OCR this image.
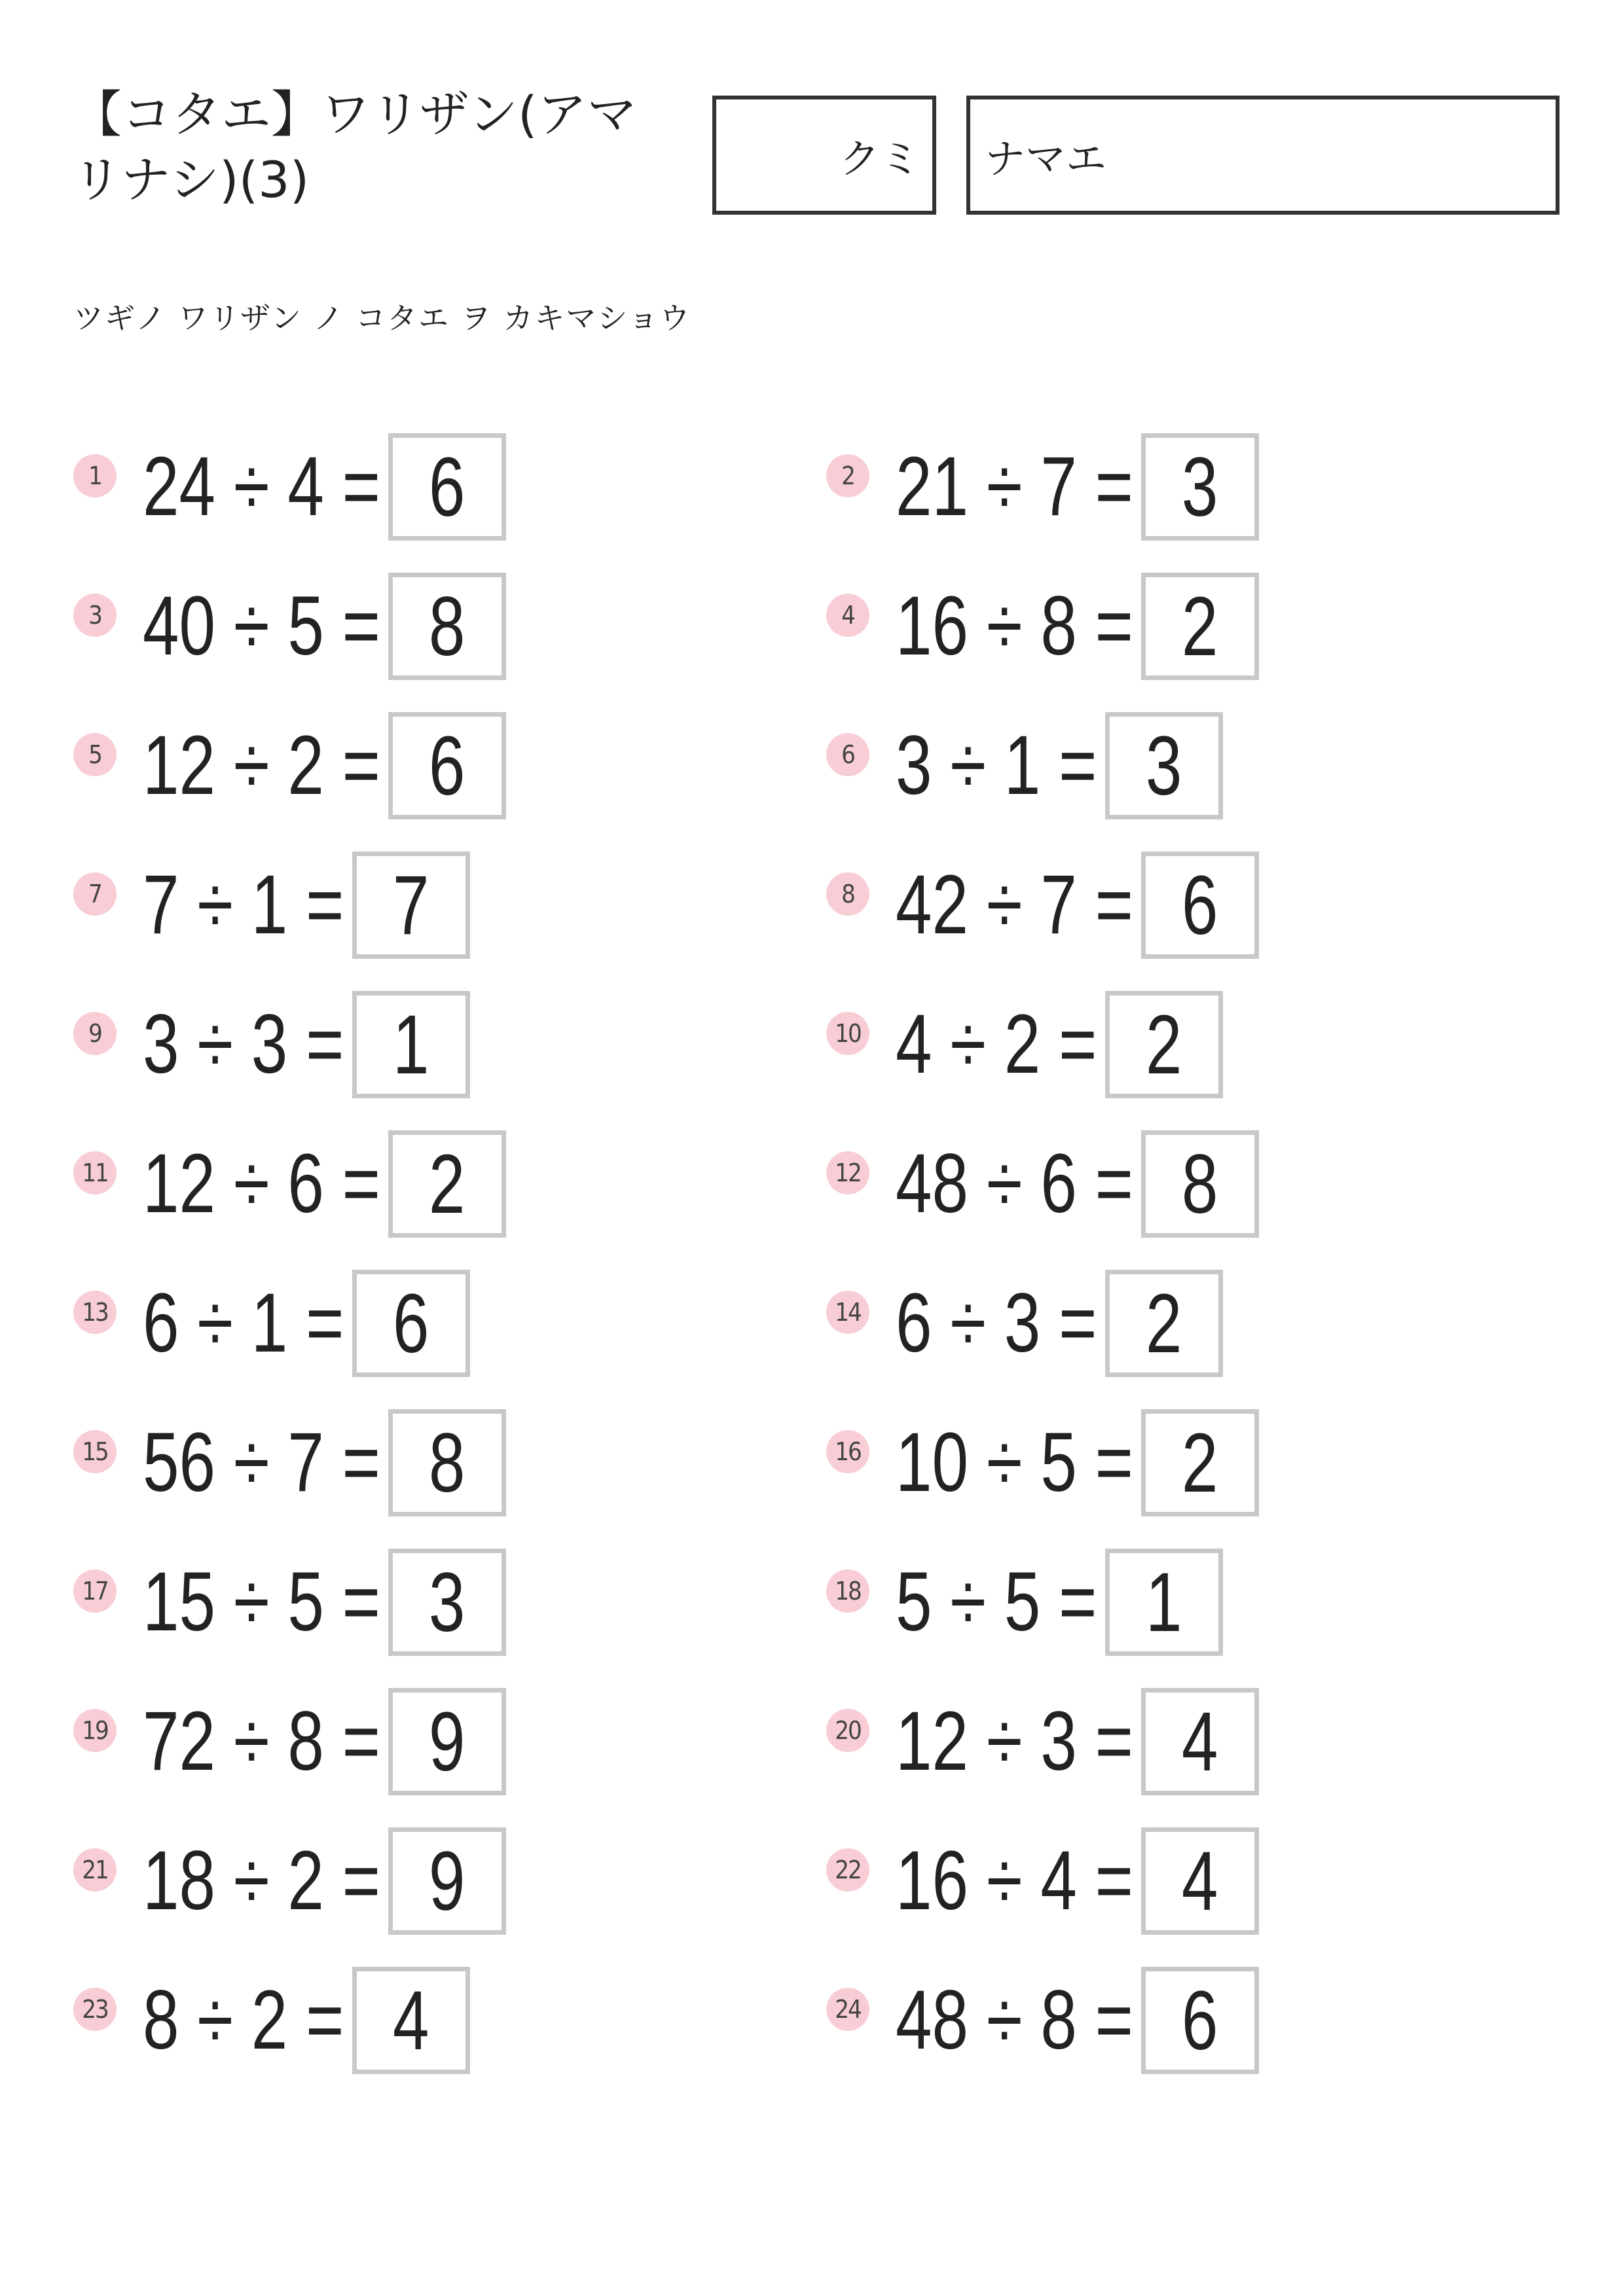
【コタエ】ワリザン(アマリナシ)(3)	クミ ナマエ
ツギノ ワリザン ノ コタエ ヲ カキマショウ
1 24 ÷ 4 = 6	2 21 ÷ 7 = 3
3 40 ÷ 5 = 8	4 16 ÷ 8 = 2
5 12 ÷ 2 = 6	6 3 ÷ 1 = 3
7 7 ÷ 1 = 7	8 42 ÷ 7 = 6
9 3 ÷ 3 = 1	10 4 ÷ 2 = 2
11 12 ÷ 6 = 2	12 48 ÷ 6 = 8
13 6 ÷ 1 = 6	14 6 ÷ 3 = 2
15 56 ÷ 7 = 8	16 10 ÷ 5 = 2
17 15 ÷ 5 = 3	18 5 ÷ 5 = 1
19 72 ÷ 8 = 9	20 12 ÷ 3 = 4
21 18 ÷ 2 = 9	22 16 ÷ 4 = 4
23 8 ÷ 2 = 4	24 48 ÷ 8 = 6
